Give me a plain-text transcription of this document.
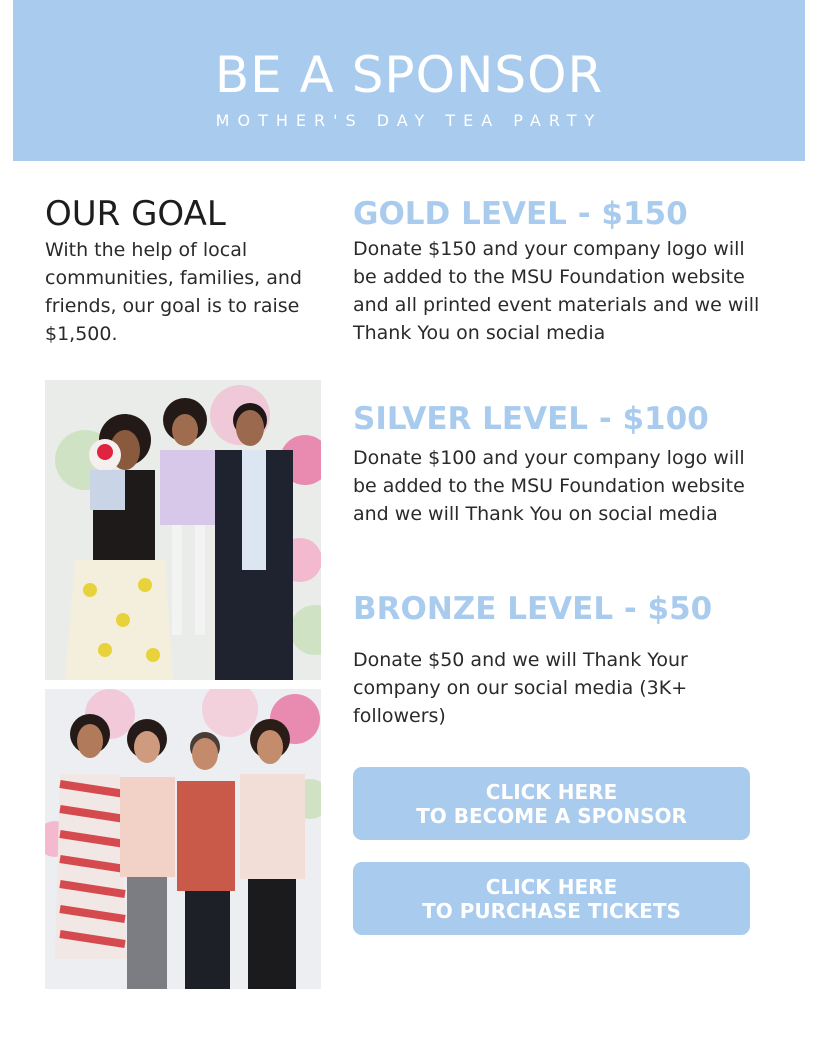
BE A SPONSOR
MOTHER'S DAY TEA PARTY
OUR GOAL

With the help of local communities, families, and friends, our goal is to raise $1,500.

GOLD LEVEL - $150

Donate $150 and your company logo will be added to the MSU Foundation website and all printed event materials and we will Thank You on social media

SILVER LEVEL - $100

Donate $100 and your company logo will be added to the MSU Foundation website and we will Thank You on social media

BRONZE LEVEL - $50

Donate $50 and we will Thank Your company on our social media (3K+ followers)

CLICK HERE
TO BECOME A SPONSOR
CLICK HERE
TO PURCHASE TICKETS
